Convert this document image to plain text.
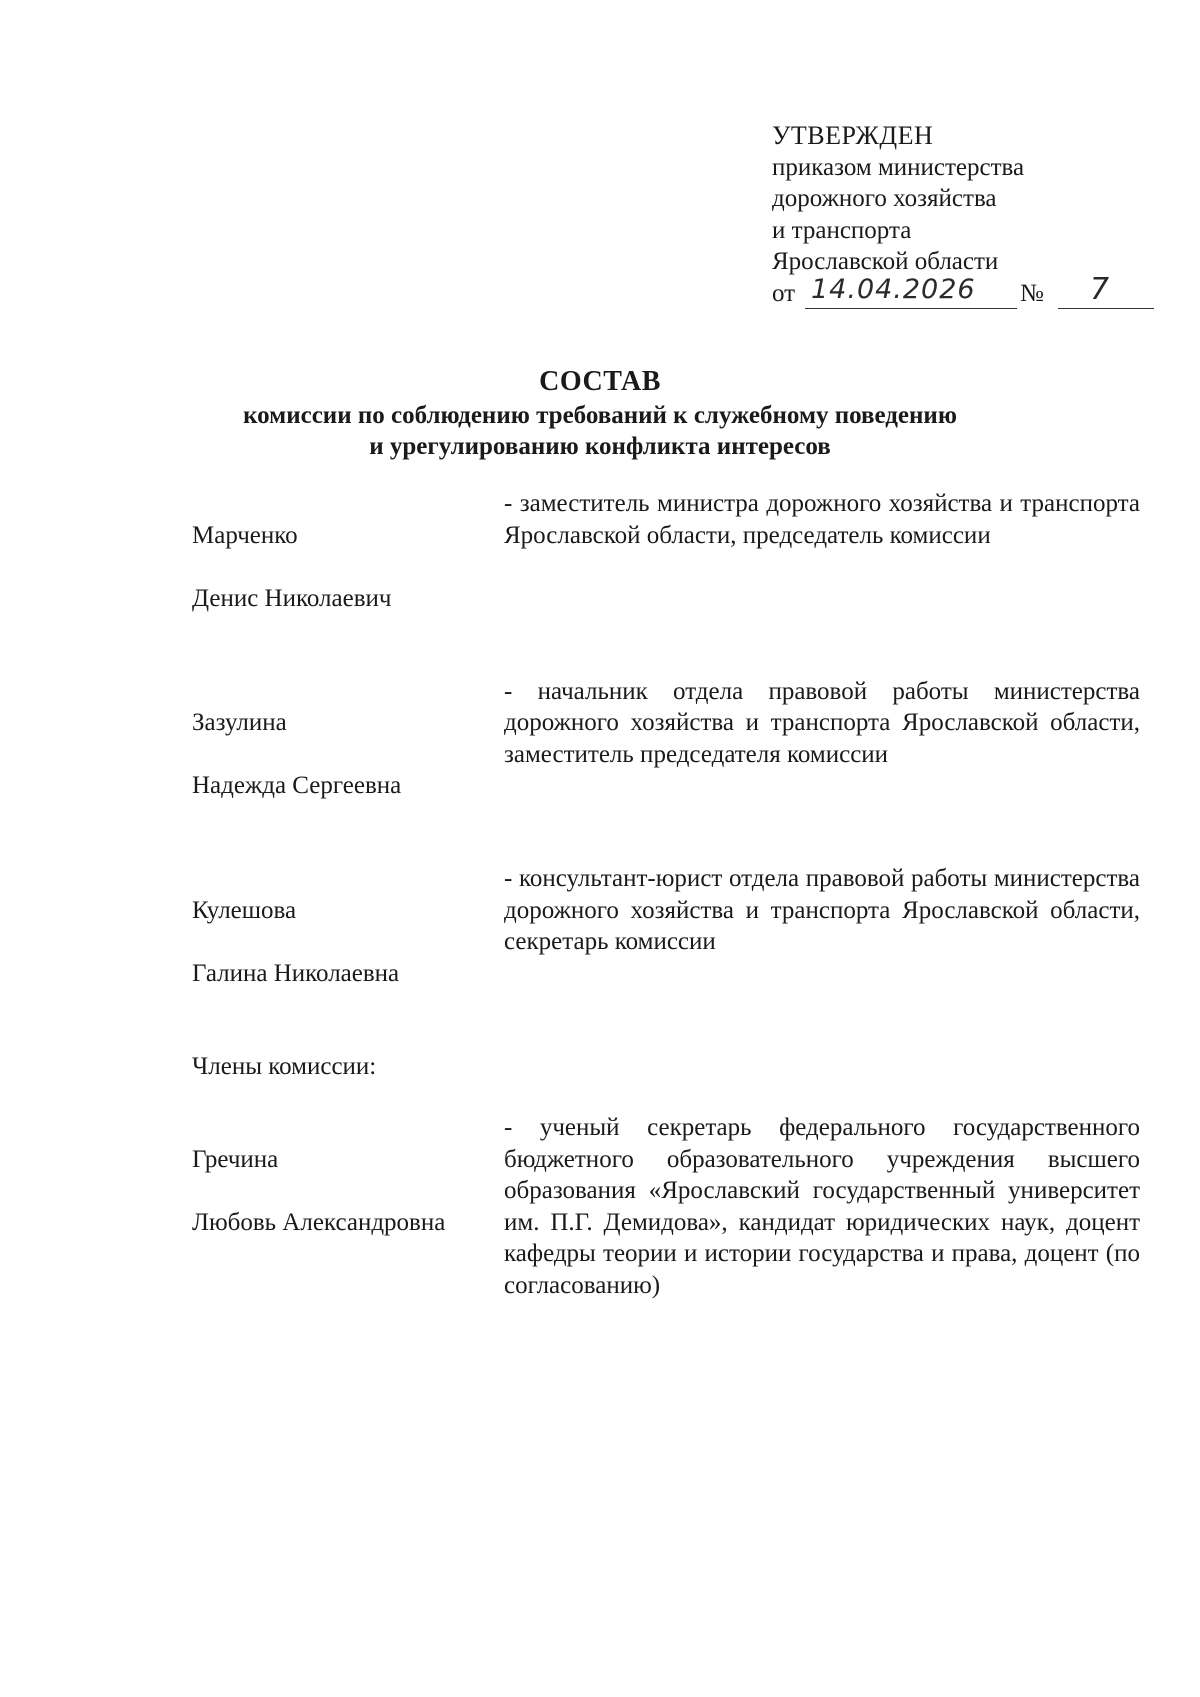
УТВЕРЖДЕН
приказом министерства
дорожного хозяйства
и транспорта
Ярославской области
от 14.04.2026 № 7
СОСТАВ
комиссии по соблюдению требований к служебному поведению
и урегулированию конфликта интересов

Марченко

Денис Николаевич

- заместитель министра дорожного хозяйства и транспорта Ярославской области, председатель комиссии

Зазулина

Надежда Сергеевна

- начальник отдела правовой работы министерства дорожного хозяйства и транспорта Ярославской области, заместитель председателя комиссии

Кулешова

Галина Николаевна

- консультант-юрист отдела правовой работы министерства дорожного хозяйства и транспорта Ярославской области, секретарь комиссии
Члены комиссии:

Гречина

Любовь Александровна

- ученый секретарь федерального государственного бюджетного образовательного учреждения высшего образования «Ярославский государственный университет им. П.Г. Демидова», кандидат юридических наук, доцент кафедры теории и истории государства и права, доцент (по согласованию)
